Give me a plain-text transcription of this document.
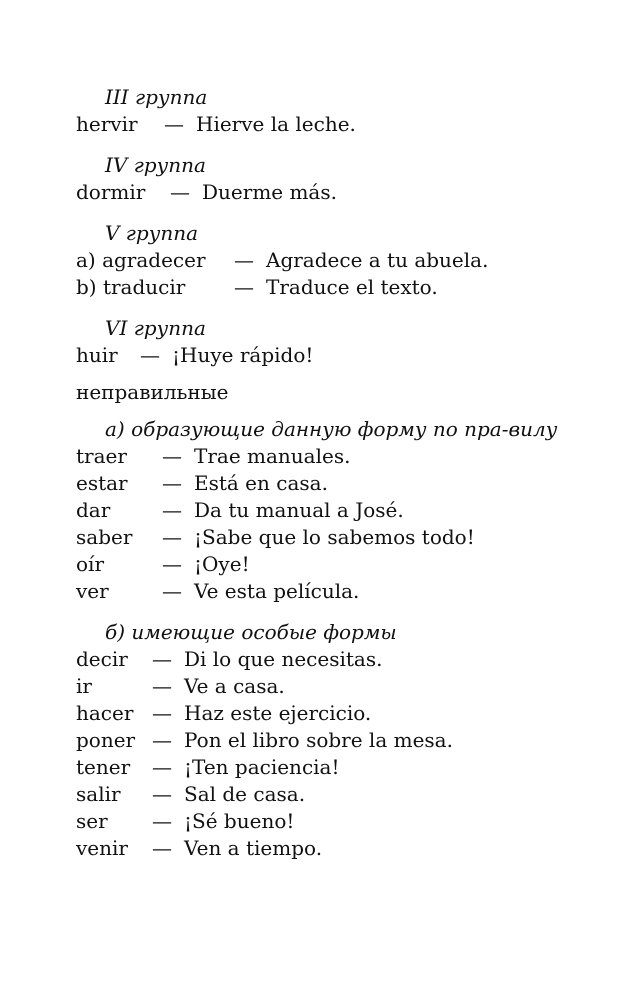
III группа
hervir	— Hierve la leche.
IV группа
dormir	— Duerme más.
V группа
a) agradecer	— Agradece a tu abuela.
b) traducir	— Traduce el texto.
VI группа
huir	— ¡Huye rápido!
неправильные
а) образующие данную форму по пра-вилу
traer	— Trae manuales.
estar	— Está en casa.
dar	— Da tu manual a José.
saber	— ¡Sabe que lo sabemos todo!
oír	— ¡Oye!
ver	— Ve esta película.
б) имеющие особые формы
decir	— Di lo que necesitas.
ir	— Ve a casa.
hacer — Haz este ejercicio.
poner — Pon el libro sobre la mesa.
tener	— ¡Ten paciencia!
salir	— Sal de casa.
ser	— ¡Sé bueno!
venir	— Ven a tiempo.
